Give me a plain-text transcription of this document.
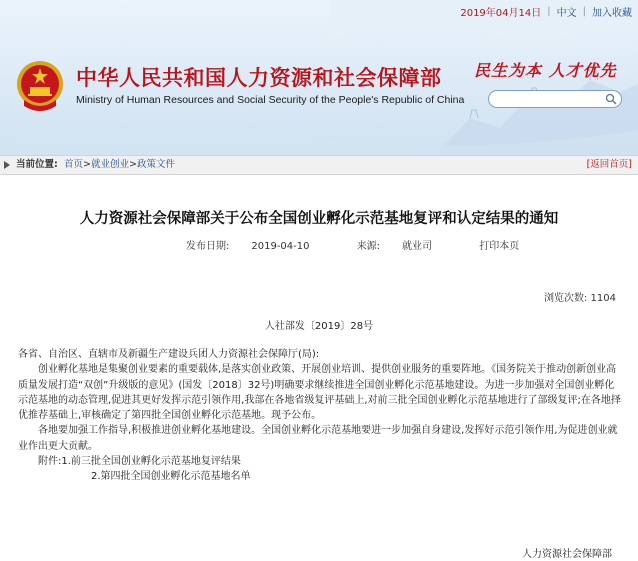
2019年04月14日 | 中文 | 加入收藏
中华人民共和国人力资源和社会保障部
Ministry of Human Resources and Social Security of the People's Republic of China
民生为本 人才优先
当前位置: 首页>就业创业>政策文件	[返回首页]
人力资源社会保障部关于公布全国创业孵化示范基地复评和认定结果的通知
发布日期: 2019-04-10	来源: 就业司	打印本页
浏览次数: 1104
人社部发〔2019〕28号

各省、自治区、直辖市及新疆生产建设兵团人力资源社会保障厅(局):

创业孵化基地是集聚创业要素的重要载体,是落实创业政策、开展创业培训、提供创业服务的重要阵地。《国务院关于推动创新创业高质量发展打造“双创”升级版的意见》(国发〔2018〕32号)明确要求继续推进全国创业孵化示范基地建设。为进一步加强对全国创业孵化示范基地的动态管理,促进其更好发挥示范引领作用,我部在各地省级复评基础上,对前三批全国创业孵化示范基地进行了部级复评;在各地择优推荐基础上,审核确定了第四批全国创业孵化示范基地。现予公布。

各地要加强工作指导,积极推进创业孵化基地建设。全国创业孵化示范基地要进一步加强自身建设,发挥好示范引领作用,为促进创业就业作出更大贡献。

附件:1.前三批全国创业孵化示范基地复评结果

2.第四批全国创业孵化示范基地名单

人力资源社会保障部
